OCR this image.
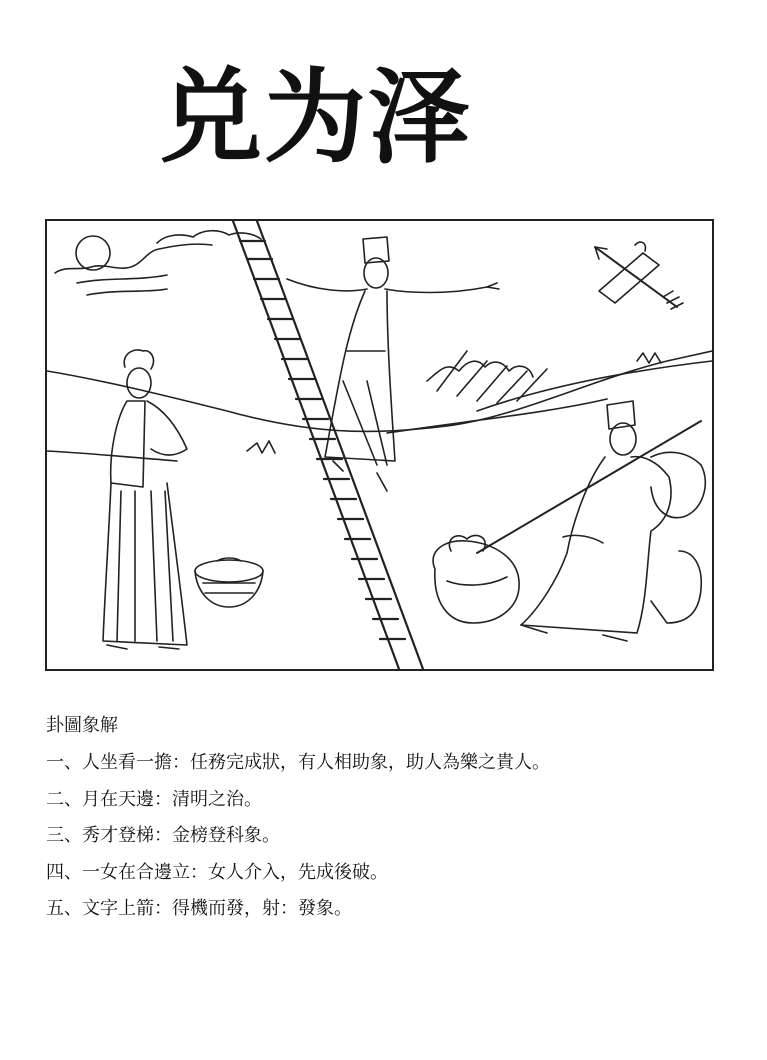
兑为泽
卦圖象解
一、人坐看一擔：任務完成狀，有人相助象，助人為樂之貴人。
二、月在天邊：清明之治。
三、秀才登梯：金榜登科象。
四、一女在合邊立：女人介入，先成後破。
五、文字上箭：得機而發，射：發象。
